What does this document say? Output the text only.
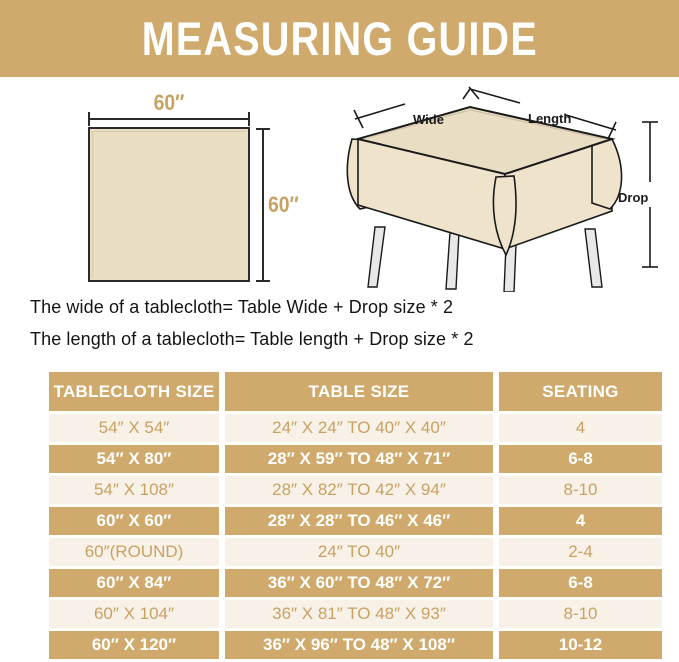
MEASURING GUIDE
60″
60″
Wide	Length
Drop
The wide of a tablecloth= Table Wide + Drop size * 2
The length of a tablecloth= Table length + Drop size * 2
TABLECLOTH SIZE	TABLE SIZE	SEATING
54″ X 54″	24″ X 24″ TO 40″ X 40″	4
54″ X 80″	28″ X 59″ TO 48″ X 71″	6-8
54″ X 108″	28″ X 82″ TO 42″ X 94″	8-10
60″ X 60″	28″ X 28″ TO 46″ X 46″	4
60″(ROUND)	24″ TO 40″	2-4
60″ X 84″	36″ X 60″ TO 48″ X 72″	6-8
60″ X 104″	36″ X 81″ TO 48″ X 93″	8-10
60″ X 120″	36″ X 96″ TO 48″ X 108″	10-12
